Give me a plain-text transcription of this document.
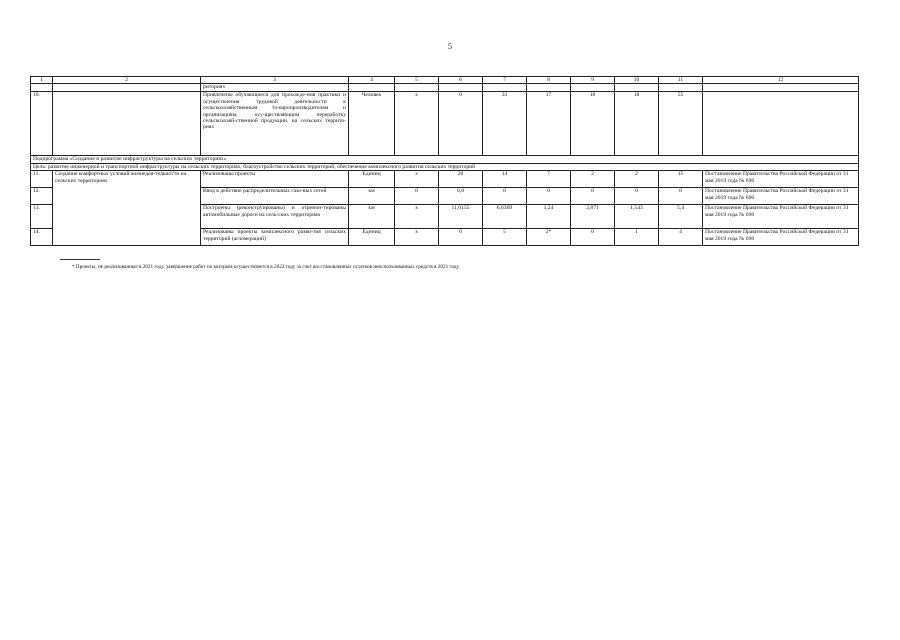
5
1	2	3	4	5	6	7	8	9	10	11	12
		риториях									
10.		Привлечены обучающиеся для прохожде-ния практики и осуществления трудовой деятельности к сельскохозяйственным то-варопроизводителям и организациям, осу-ществляющим переработку сельскохозяй-ственной продукции, на сельских террито-риях	Человек	х	0	33	17	18	18	55	
Подпрограмма «Создание и развитие инфраструктуры на сельских территориях»											
Цель: развитие инженерной и транспортной инфраструктуры на сельских территориях, благоустройство сельских территорий, обеспечение комплексного развития сельских территорий											
11.	Создание комфортных условий жизнедея-тельности на сельских территориях	Реализованы проекты	Единиц	х	26	14	7	2	2	15	Постановление Правительства Российской Федерации от 31 мая 2019 года № 696
12.		Ввод в действие распределительных газо-вых сетей	км	0	0,8	0	0	0	0	0	Постановление Правительства Российской Федерации от 31 мая 2019 года № 696
13.		Построены (реконструированы) и отремон-тированы автомобильные дороги на сель-ских территориях	км	х	11,0155	6,6369	1,24	2,871	1,543	5,4	Постановление Правительства Российской Федерации от 31 мая 2019 года № 696
14.		Реализованы проекты комплексного разви-тия сельских территорий (агломераций)	Единиц	х	0	5	2*	0	1	4	Постановление Правительства Российской Федерации от 31 мая 2019 года № 696
* Проекты, не реализованные в 2021 году, завершение работ по которым осуществляется в 2022 году за счет восстановленных остатков неиспользованных средств в 2021 году.
